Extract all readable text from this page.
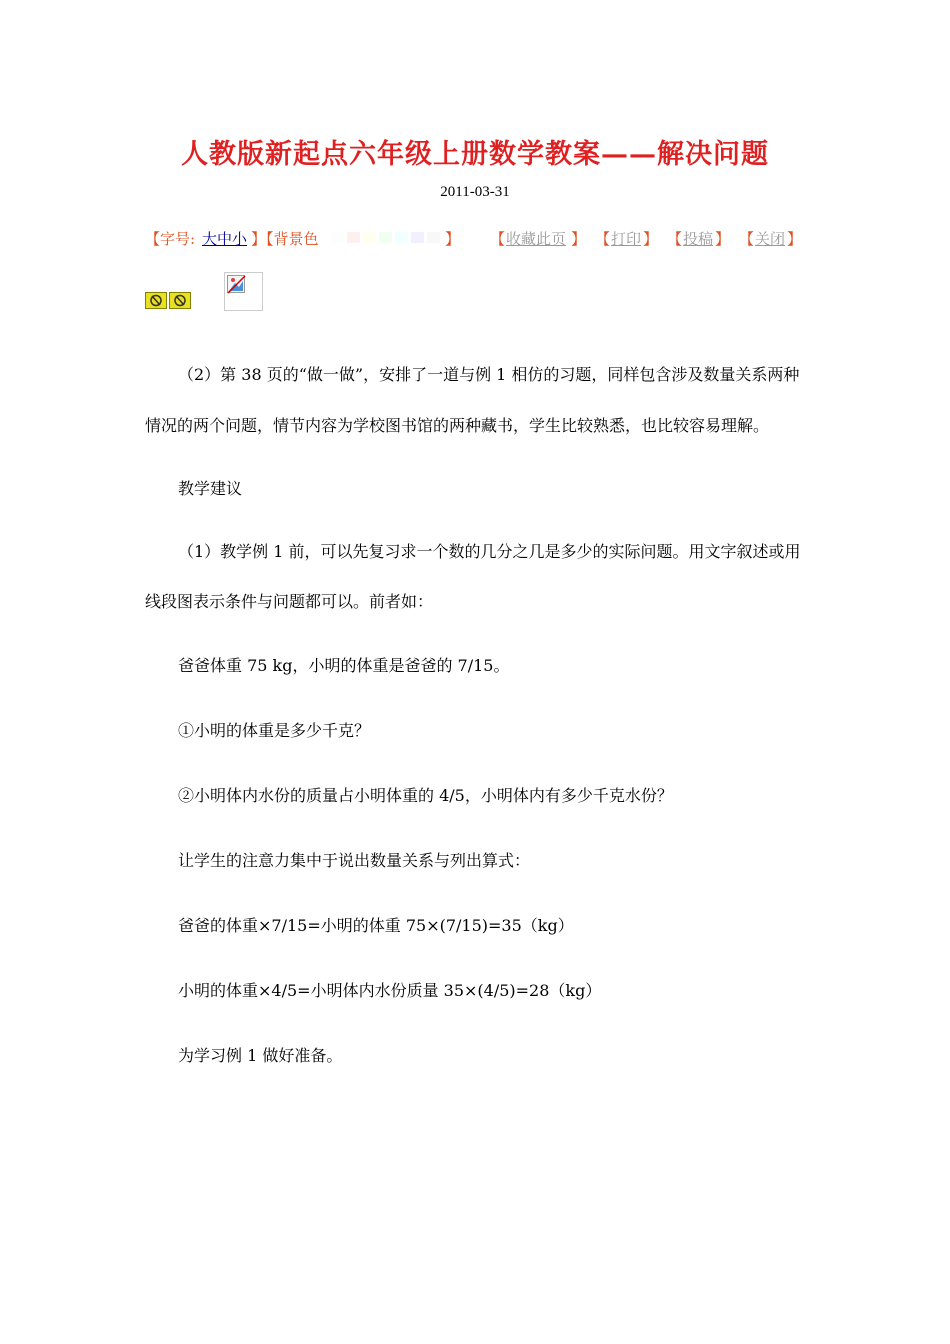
人教版新起点六年级上册数学教案——解决问题
2011-03-31
【字号: 大中小 】【背景色	】 【 收藏此页 】 【 打印 】 【 投稿 】 【 关闭 】
（2）第 38 页的“做一做”，安排了一道与例 1 相仿的习题，同样包含涉及数量关系两种
情况的两个问题，情节内容为学校图书馆的两种藏书，学生比较熟悉，也比较容易理解。
教学建议
（1）教学例 1 前，可以先复习求一个数的几分之几是多少的实际问题。用文字叙述或用
线段图表示条件与问题都可以。前者如：
爸爸体重 75 kg，小明的体重是爸爸的 7/15。
①小明的体重是多少千克？
②小明体内水份的质量占小明体重的 4/5，小明体内有多少千克水份？
让学生的注意力集中于说出数量关系与列出算式：
爸爸的体重×7/15=小明的体重 75×(7/15)=35（kg）
小明的体重×4/5=小明体内水份质量 35×(4/5)=28（kg）
为学习例 1 做好准备。
